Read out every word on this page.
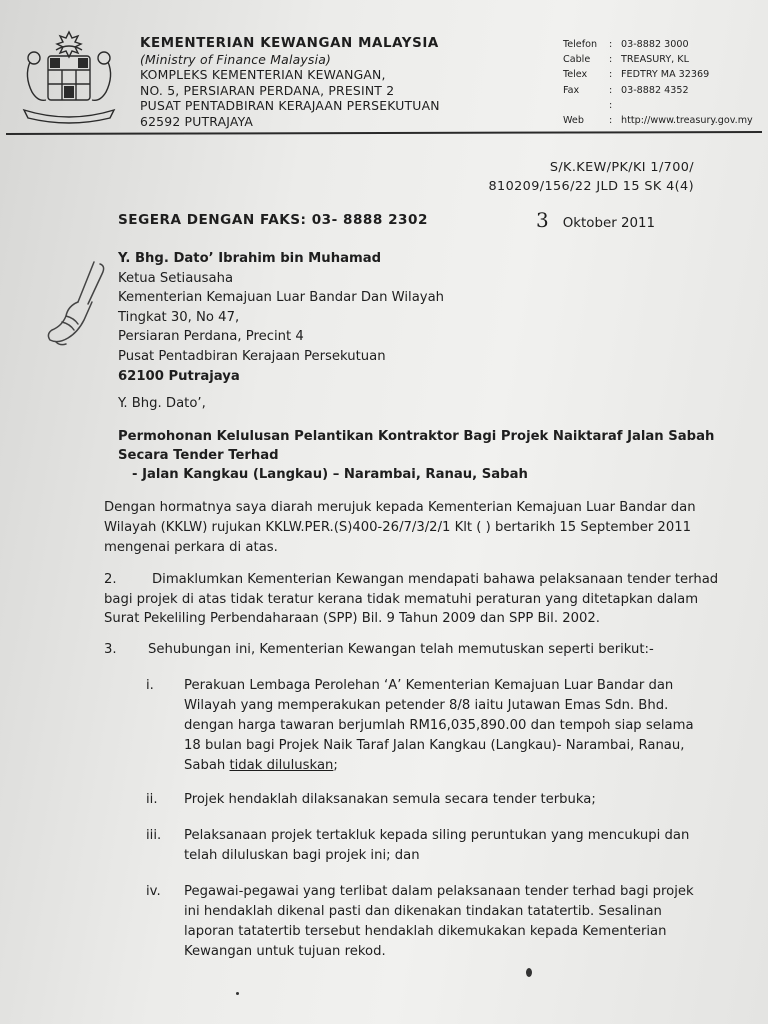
KEMENTERIAN KEWANGAN MALAYSIA
(Ministry of Finance Malaysia)
KOMPLEKS KEMENTERIAN KEWANGAN,
NO. 5, PERSIARAN PERDANA, PRESINT 2
PUSAT PENTADBIRAN KERAJAAN PERSEKUTUAN
62592 PUTRAJAYA
Telefon	: 03-8882 3000
Cable	: TREASURY, KL
Telex	: FEDTRY MA 32369
Fax	: 03-8882 4352
:
Web	: http://www.treasury.gov.my
S/K.KEW/PK/KI 1/700/
810209/156/22 JLD 15 SK 4(4)
SEGERA DENGAN FAKS: 03- 8888 2302	3 Oktober 2011
Y. Bhg. Dato’ Ibrahim bin Muhamad
Ketua Setiausaha
Kementerian Kemajuan Luar Bandar Dan Wilayah
Tingkat 30, No 47,
Persiaran Perdana, Precint 4
Pusat Pentadbiran Kerajaan Persekutuan
62100 Putrajaya
Y. Bhg. Dato’,
Permohonan Kelulusan Pelantikan Kontraktor Bagi Projek Naiktaraf Jalan Sabah
Secara Tender Terhad
- Jalan Kangkau (Langkau) – Narambai, Ranau, Sabah
Dengan hormatnya saya diarah merujuk kepada Kementerian Kemajuan Luar Bandar dan Wilayah (KKLW) rujukan KKLW.PER.(S)400-26/7/3/2/1 Klt ( ) bertarikh 15 September 2011 mengenai perkara di atas.
2.	Dimaklumkan Kementerian Kewangan mendapati bahawa pelaksanaan tender terhad bagi projek di atas tidak teratur kerana tidak mematuhi peraturan yang ditetapkan dalam Surat Pekeliling Perbendaharaan (SPP) Bil. 9 Tahun 2009 dan SPP Bil. 2002.
3. Sehubungan ini, Kementerian Kewangan telah memutuskan seperti berikut:-
i.	Perakuan Lembaga Perolehan ‘A’ Kementerian Kemajuan Luar Bandar dan Wilayah yang memperakukan petender 8/8 iaitu Jutawan Emas Sdn. Bhd. dengan harga tawaran berjumlah RM16,035,890.00 dan tempoh siap selama 18 bulan bagi Projek Naik Taraf Jalan Kangkau (Langkau)- Narambai, Ranau, Sabah tidak diluluskan;
ii.	Projek hendaklah dilaksanakan semula secara tender terbuka;
iii.	Pelaksanaan projek tertakluk kepada siling peruntukan yang mencukupi dan telah diluluskan bagi projek ini; dan
iv.	Pegawai-pegawai yang terlibat dalam pelaksanaan tender terhad bagi projek ini hendaklah dikenal pasti dan dikenakan tindakan tatatertib. Sesalinan laporan tatatertib tersebut hendaklah dikemukakan kepada Kementerian Kewangan untuk tujuan rekod.
